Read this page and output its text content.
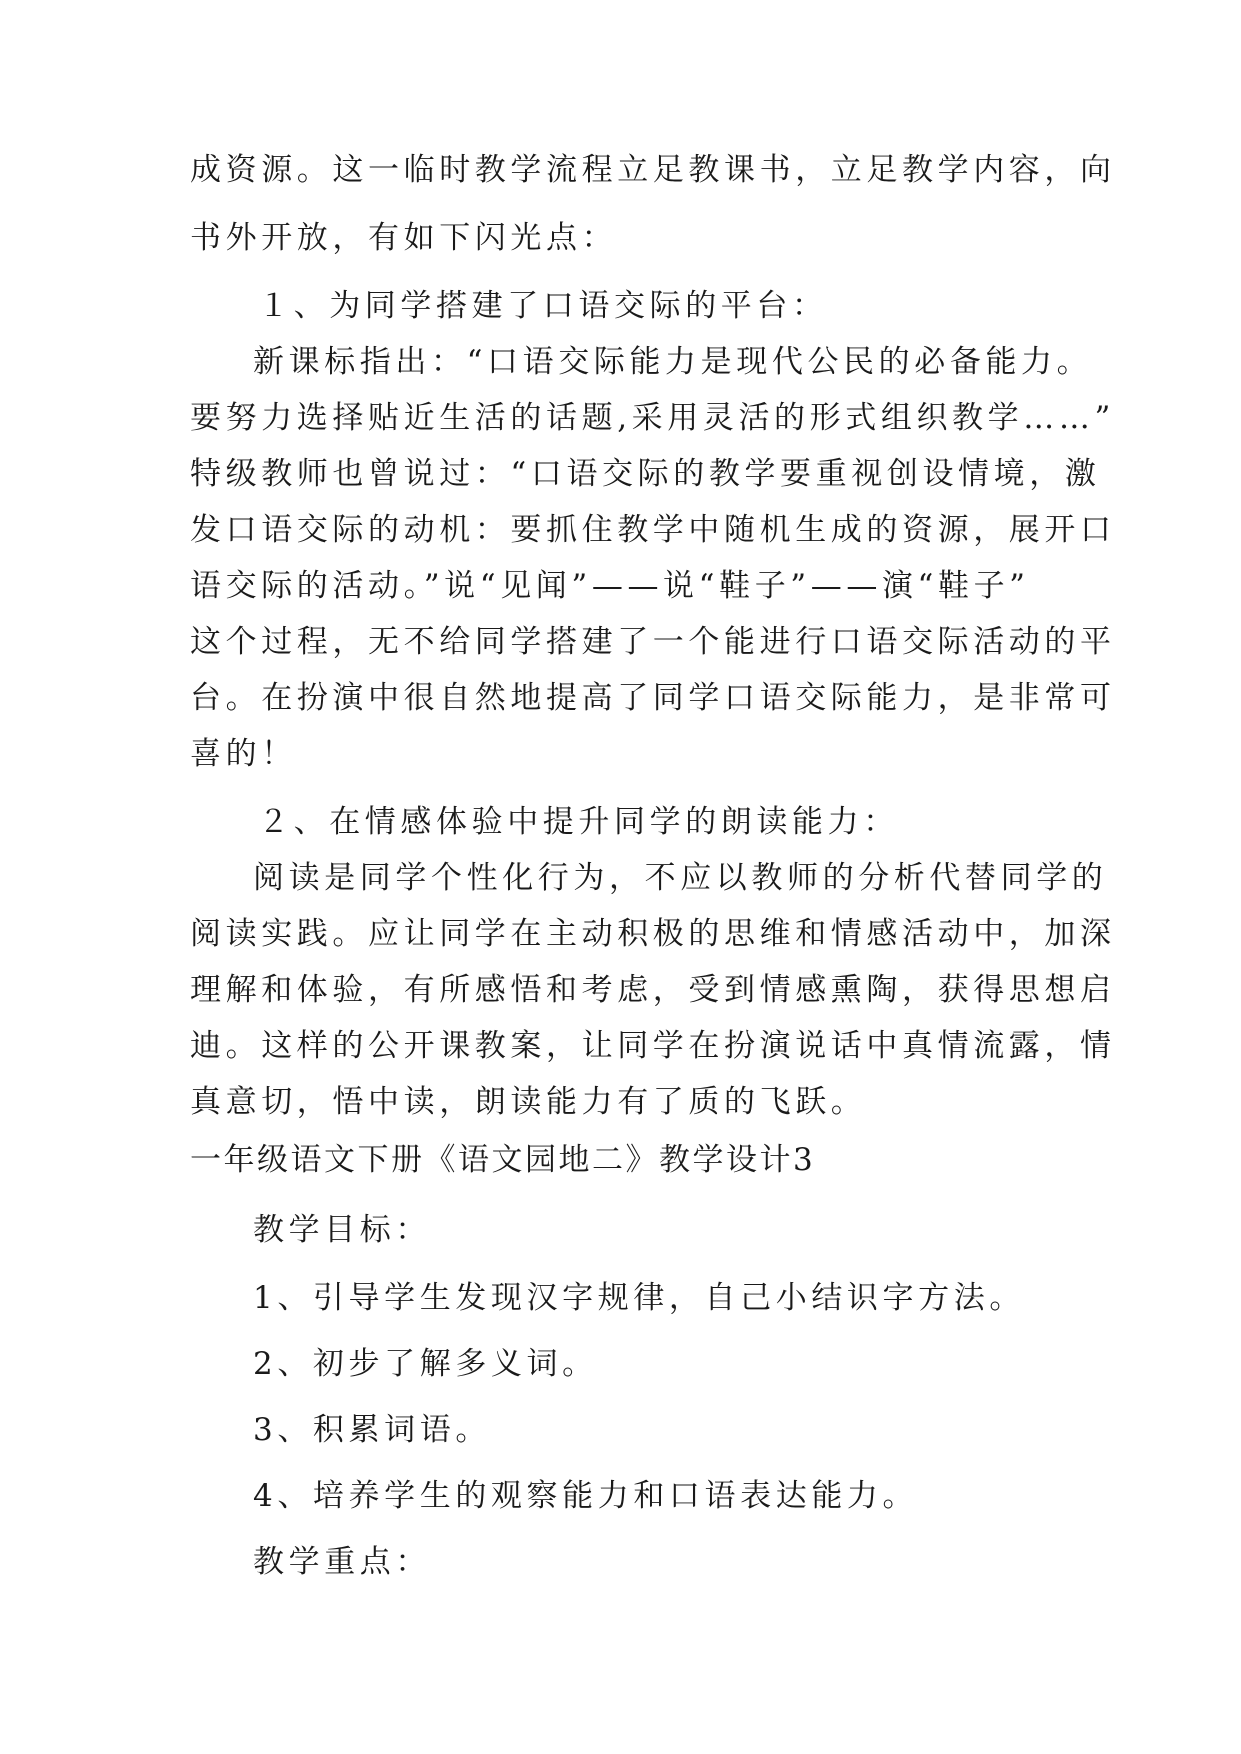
成资源。这一临时教学流程立足教课书，立足教学内容，向
书外开放，有如下闪光点：
１、为同学搭建了口语交际的平台：
新课标指出：“口语交际能力是现代公民的必备能力。
要努力选择贴近生活的话题,采用灵活的形式组织教学……”
特级教师也曾说过：“口语交际的教学要重视创设情境，激
发口语交际的动机：要抓住教学中随机生成的资源，展开口
语交际的活动。”说“见闻”——说“鞋子”——演“鞋子”
这个过程，无不给同学搭建了一个能进行口语交际活动的平
台。在扮演中很自然地提高了同学口语交际能力，是非常可
喜的！
２、在情感体验中提升同学的朗读能力：
阅读是同学个性化行为，不应以教师的分析代替同学的
阅读实践。应让同学在主动积极的思维和情感活动中，加深
理解和体验，有所感悟和考虑，受到情感熏陶，获得思想启
迪。这样的公开课教案，让同学在扮演说话中真情流露，情
真意切，悟中读，朗读能力有了质的飞跃。
一年级语文下册《语文园地二》教学设计3
教学目标：
1、引导学生发现汉字规律，自己小结识字方法。
2、初步了解多义词。
3、积累词语。
4、培养学生的观察能力和口语表达能力。
教学重点：
